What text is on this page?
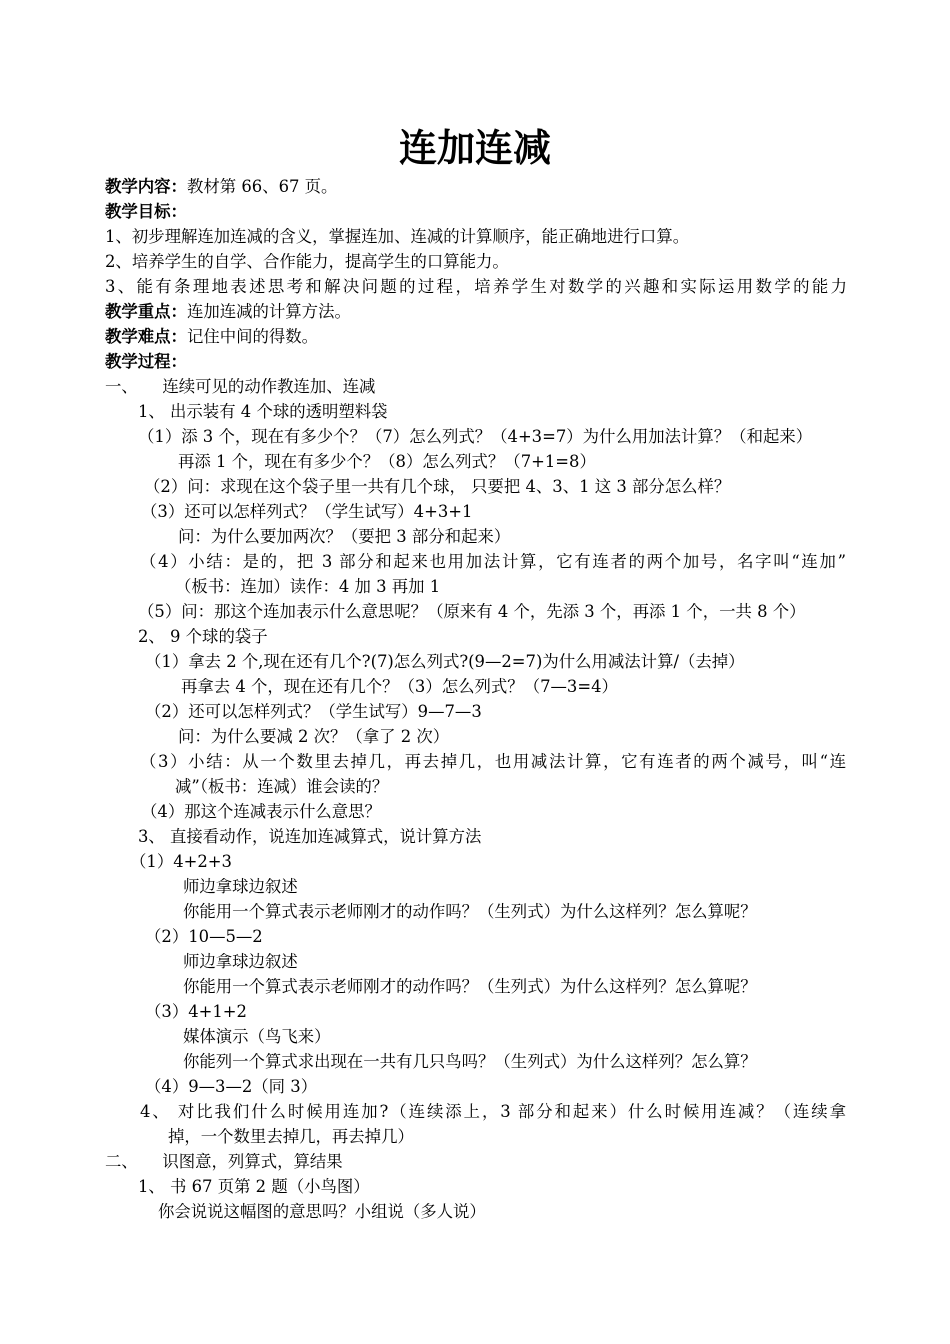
连加连减
教学内容：教材第 66、67 页。
教学目标：
1、初步理解连加连减的含义，掌握连加、连减的计算顺序，能正确地进行口算。
2、培养学生的自学、合作能力，提高学生的口算能力。
3、能有条理地表述思考和解决问题的过程，培养学生对数学的兴趣和实际运用数学的能力
教学重点：连加连减的计算方法。
教学难点：记住中间的得数。
教学过程：
一、　　连续可见的动作教连加、连减
1、 出示装有 4 个球的透明塑料袋
（1）添 3 个，现在有多少个？（7）怎么列式？（4+3=7）为什么用加法计算？（和起来）
再添 1 个，现在有多少个？（8）怎么列式？（7+1=8）
（2）问：求现在这个袋子里一共有几个球， 只要把 4、3、1 这 3 部分怎么样？
（3）还可以怎样列式？（学生试写）4+3+1
问：为什么要加两次？（要把 3 部分和起来）
（4）小结：是的，把 3 部分和起来也用加法计算，它有连者的两个加号，名字叫“连加”
（板书：连加）读作：4 加 3 再加 1
（5）问：那这个连加表示什么意思呢？（原来有 4 个，先添 3 个，再添 1 个，一共 8 个）
2、 9 个球的袋子
（1）拿去 2 个,现在还有几个?(7)怎么列式?(9—2=7)为什么用减法计算/（去掉）
再拿去 4 个，现在还有几个？（3）怎么列式？（7—3=4）
（2）还可以怎样列式？（学生试写）9—7—3
问：为什么要减 2 次？（拿了 2 次）
（3）小结：从一个数里去掉几，再去掉几，也用减法计算，它有连者的两个减号，叫“连
减”（板书：连减）谁会读的？
（4）那这个连减表示什么意思？
3、 直接看动作，说连加连减算式，说计算方法
（1）4+2+3
师边拿球边叙述
你能用一个算式表示老师刚才的动作吗？（生列式）为什么这样列？怎么算呢？
（2）10—5—2
师边拿球边叙述
你能用一个算式表示老师刚才的动作吗？（生列式）为什么这样列？怎么算呢？
（3）4+1+2
媒体演示（鸟飞来）
你能列一个算式求出现在一共有几只鸟吗？（生列式）为什么这样列？怎么算？
（4）9—3—2（同 3）
4、 对比我们什么时候用连加?（连续添上，3 部分和起来）什么时候用连减？（连续拿
掉，一个数里去掉几，再去掉几）
二、　　识图意，列算式，算结果
1、 书 67 页第 2 题（小鸟图）
你会说说这幅图的意思吗？小组说（多人说）
